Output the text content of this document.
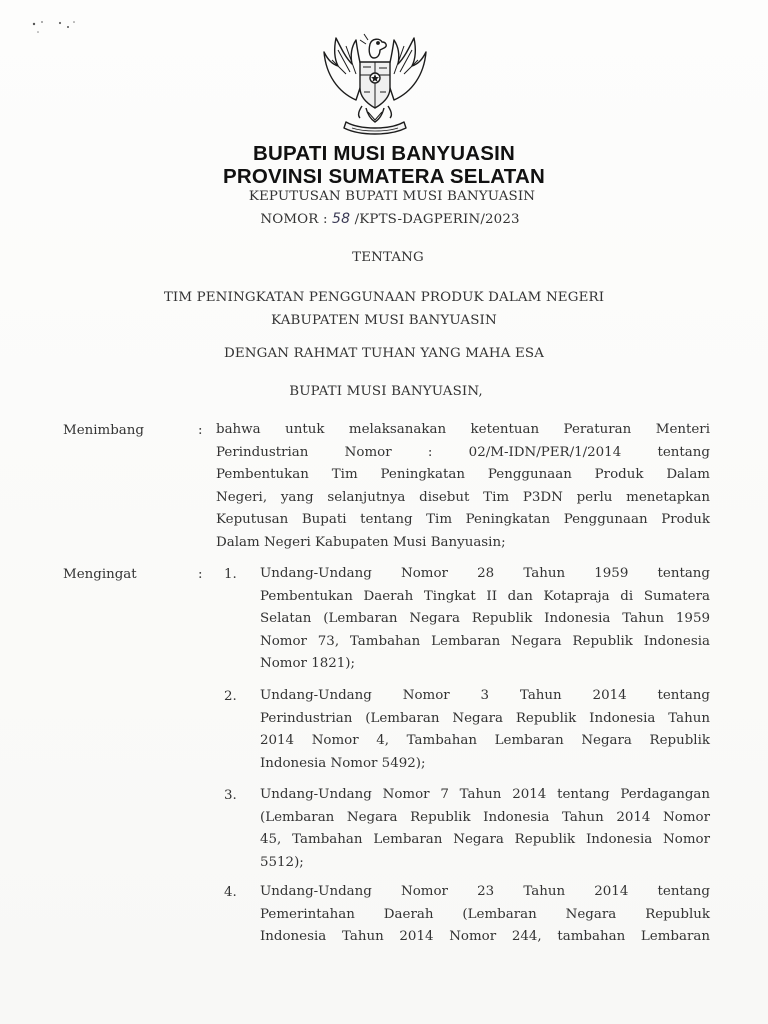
BUPATI MUSI BANYUASIN
PROVINSI SUMATERA SELATAN
KEPUTUSAN BUPATI MUSI BANYUASIN
NOMOR : 58 /KPTS-DAGPERIN/2023
TENTANG
TIM PENINGKATAN PENGGUNAAN PRODUK DALAM NEGERI
KABUPATEN MUSI BANYUASIN
DENGAN RAHMAT TUHAN YANG MAHA ESA
BUPATI MUSI BANYUASIN,
Menimbang	: bahwa untuk melaksanakan ketentuan Peraturan Menteri
Perindustrian Nomor : 02/M-IDN/PER/1/2014 tentang
Pembentukan Tim Peningkatan Penggunaan Produk Dalam
Negeri, yang selanjutnya disebut Tim P3DN perlu menetapkan
Keputusan Bupati tentang Tim Peningkatan Penggunaan Produk
Dalam Negeri Kabupaten Musi Banyuasin;
Mengingat	: 1. Undang-Undang Nomor 28 Tahun 1959 tentang
Pembentukan Daerah Tingkat II dan Kotapraja di Sumatera
Selatan (Lembaran Negara Republik Indonesia Tahun 1959
Nomor 73, Tambahan Lembaran Negara Republik Indonesia
Nomor 1821);
2. Undang-Undang Nomor 3 Tahun 2014 tentang
Perindustrian (Lembaran Negara Republik Indonesia Tahun
2014 Nomor 4, Tambahan Lembaran Negara Republik
Indonesia Nomor 5492);
3. Undang-Undang Nomor 7 Tahun 2014 tentang Perdagangan
(Lembaran Negara Republik Indonesia Tahun 2014 Nomor
45, Tambahan Lembaran Negara Republik Indonesia Nomor
5512);
4. Undang-Undang Nomor 23 Tahun 2014 tentang
Pemerintahan Daerah (Lembaran Negara Republuk
Indonesia Tahun 2014 Nomor 244, tambahan Lembaran
